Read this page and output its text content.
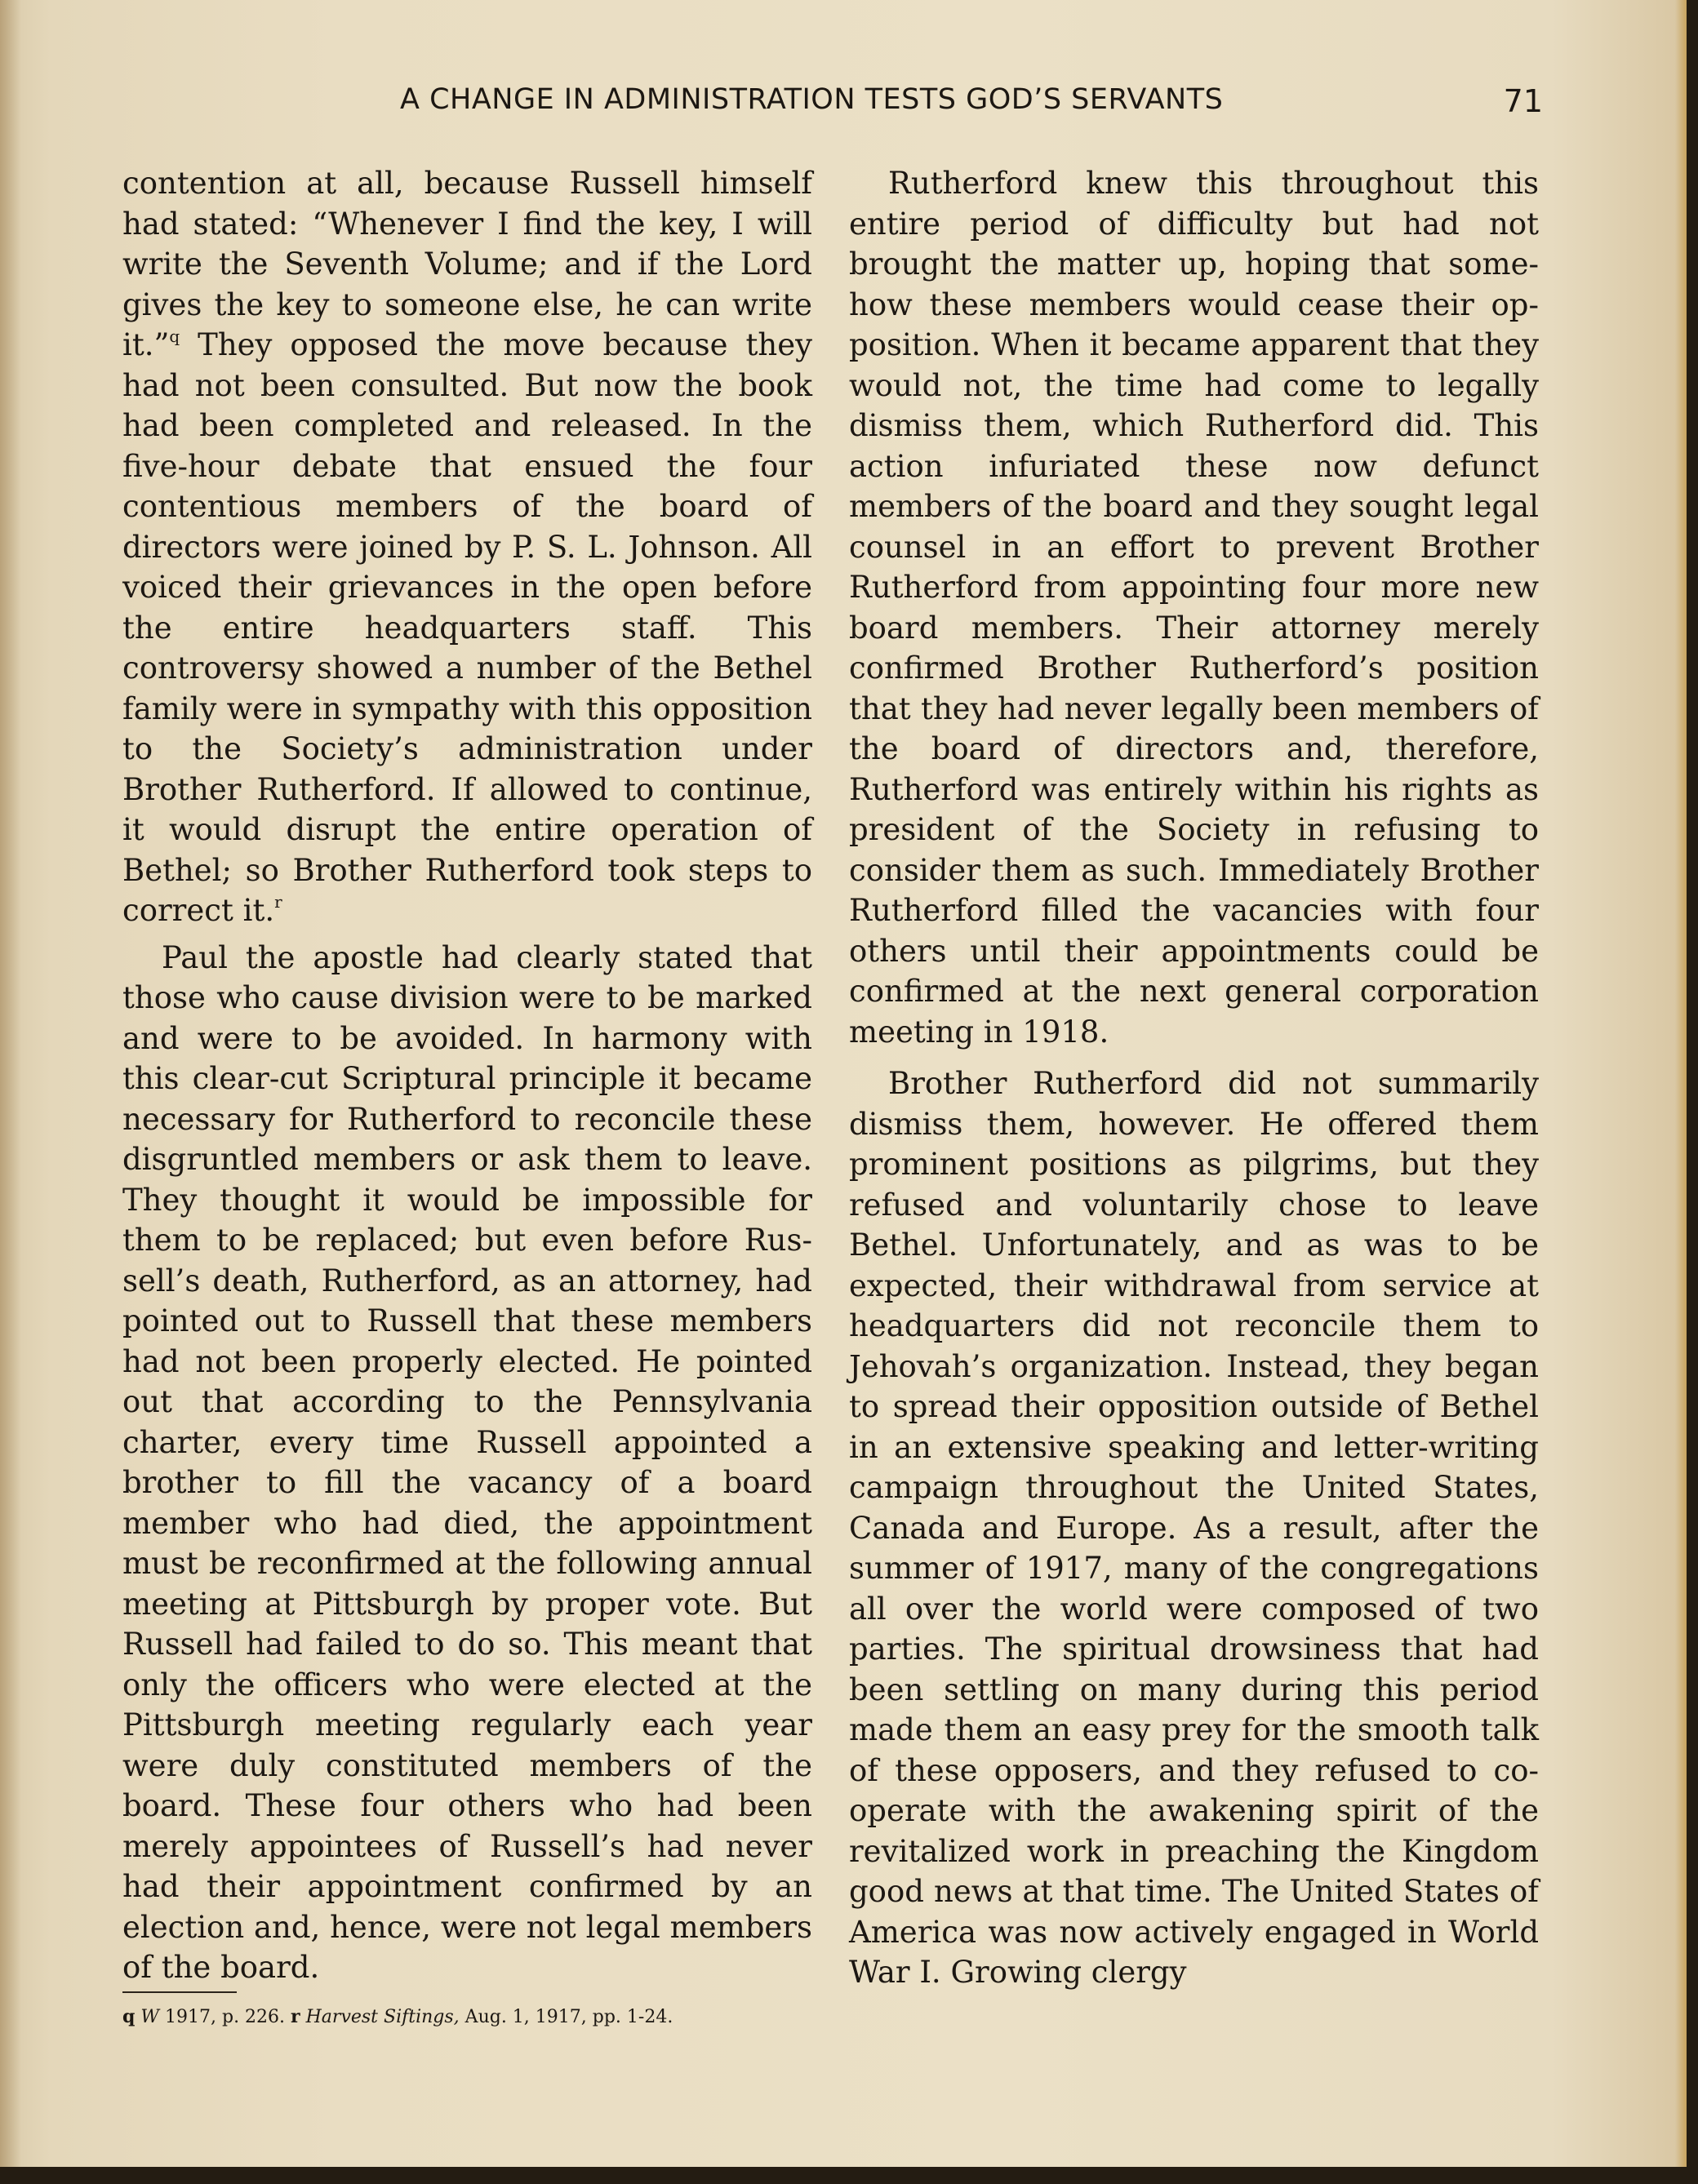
A CHANGE IN ADMINISTRATION TESTS GOD’S SERVANTS	71

contention at all, because Russell himself had stated: “Whenever I find the key, I will write the Seventh Volume; and if the Lord gives the key to someone else, he can write it.”$^q$ They opposed the move because they had not been consulted. But now the book had been completed and released. In the five-hour debate that ensued the four contentious members of the board of directors were joined by P. S. L. Johnson. All voiced their grievances in the open before the entire headquarters staff. This controversy showed a number of the Bethel family were in sympathy with this opposition to the Society’s administration under Brother Rutherford. If allowed to continue, it would disrupt the entire operation of Bethel; so Brother Rutherford took steps to correct it.$^r$

Paul the apostle had clearly stated that those who cause division were to be marked and were to be avoided. In harmony with this clear-cut Scriptural principle it became necessary for Rutherford to reconcile these disgruntled members or ask them to leave. They thought it would be impossible for them to be replaced; but even before Russell’s death, Rutherford, as an attorney, had pointed out to Russell that these members had not been properly elected. He pointed out that according to the Pennsylvania charter, every time Russell appointed a brother to fill the vacancy of a board member who had died, the appointment must be reconfirmed at the following annual meeting at Pittsburgh by proper vote. But Russell had failed to do so. This meant that only the officers who were elected at the Pittsburgh meeting regularly each year were duly constituted members of the board. These four others who had been merely appointees of Russell’s had never had their appointment confirmed by an election and, hence, were not legal members of the board.

Rutherford knew this throughout this entire period of difficulty but had not brought the matter up, hoping that somehow these members would cease their opposition. When it became apparent that they would not, the time had come to legally dismiss them, which Rutherford did. This action infuriated these now defunct members of the board and they sought legal counsel in an effort to prevent Brother Rutherford from appointing four more new board members. Their attorney merely confirmed Brother Rutherford’s position that they had never legally been members of the board of directors and, therefore, Rutherford was entirely within his rights as president of the Society in refusing to consider them as such. Immediately Brother Rutherford filled the vacancies with four others until their appointments could be confirmed at the next general corporation meeting in 1918.

Brother Rutherford did not summarily dismiss them, however. He offered them prominent positions as pilgrims, but they refused and voluntarily chose to leave Bethel. Unfortunately, and as was to be expected, their withdrawal from service at headquarters did not reconcile them to Jehovah’s organization. Instead, they began to spread their opposition outside of Bethel in an extensive speaking and letter-writing campaign throughout the United States, Canada and Europe. As a result, after the summer of 1917, many of the congregations all over the world were composed of two parties. The spiritual drowsiness that had been settling on many during this period made them an easy prey for the smooth talk of these opposers, and they refused to co-operate with the awakening spirit of the revitalized work in preaching the Kingdom good news at that time. The United States of America was now actively engaged in World War I. Growing clergy

q W 1917, p. 226. r Harvest Siftings, Aug. 1, 1917, pp. 1-24.
